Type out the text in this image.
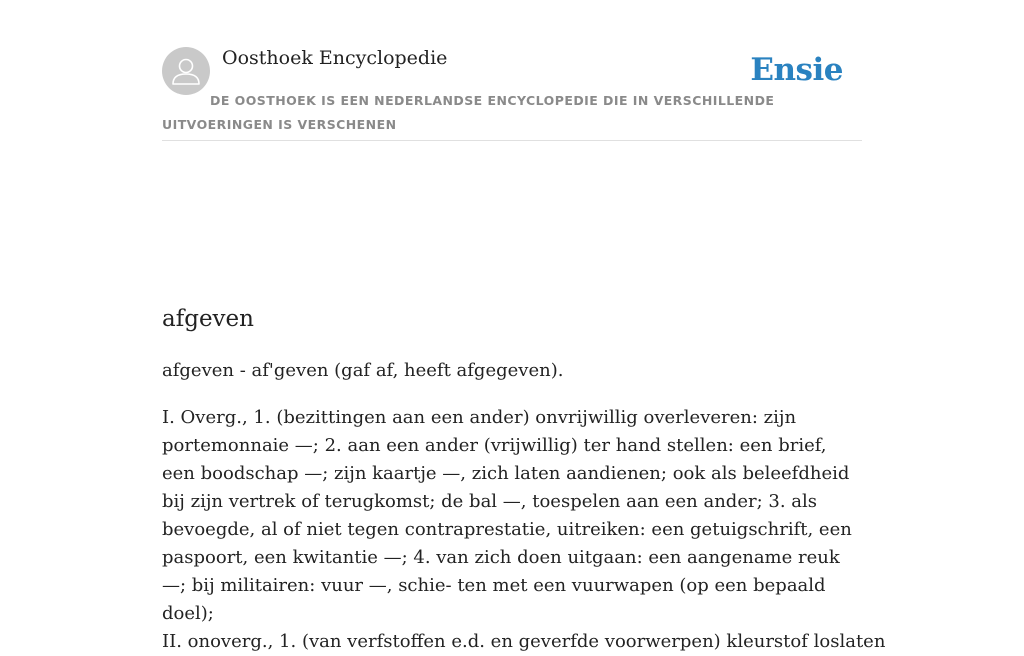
Oosthoek Encyclopedie	Ensie
DE OOSTHOEK IS EEN NEDERLANDSE ENCYCLOPEDIE DIE IN VERSCHILLENDE UITVOERINGEN IS VERSCHENEN
afgeven

afgeven - af'geven (gaf af, heeft afgegeven).

I. Overg., 1. (bezittingen aan een ander) onvrijwillig overleveren: zijn portemonnaie —; 2. aan een ander (vrijwillig) ter hand stellen: een brief, een boodschap —; zijn kaartje —, zich laten aandienen; ook als beleefdheid bij zijn vertrek of terugkomst; de bal —, toespelen aan een ander; 3. als bevoegde, al of niet tegen contraprestatie, uitreiken: een getuigschrift, een paspoort, een kwitantie —; 4. van zich doen uitgaan: een aangename reuk —; bij militairen: vuur —, schie- ten met een vuurwapen (op een bepaald doel);

II. onoverg., 1. (van verfstoffen e.d. en geverfde voorwerpen) kleurstof loslaten
